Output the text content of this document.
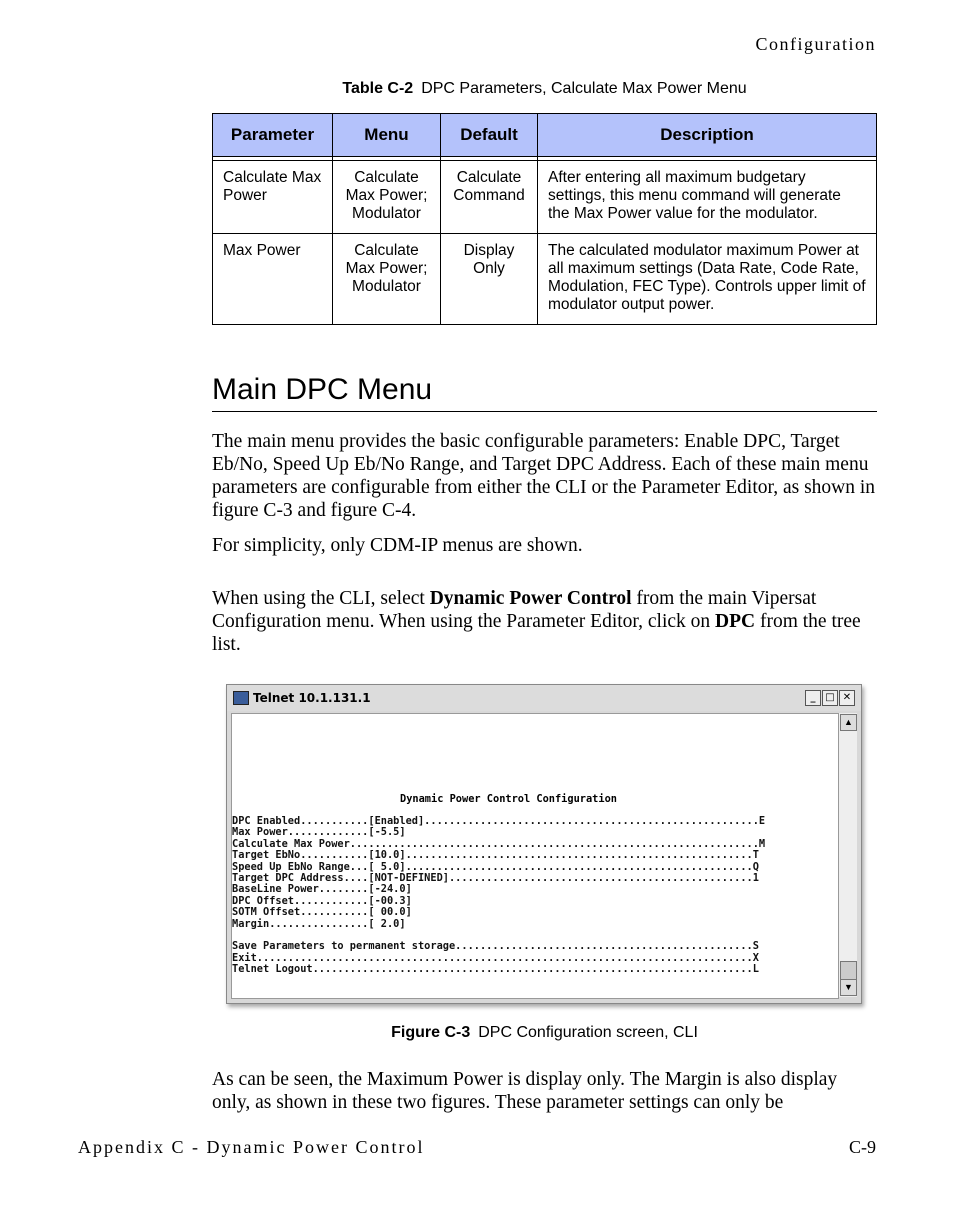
Configuration
Table C-2 DPC Parameters, Calculate Max Power Menu
Parameter	Menu	Default	Description

Calculate Max Power	Calculate Max Power; Modulator	Calculate Command	After entering all maximum budgetary settings, this menu command will generate the Max Power value for the modulator.
Max Power	Calculate Max Power; Modulator	Display Only	The calculated modulator maximum Power at all maximum settings (Data Rate, Code Rate, Modulation, FEC Type). Controls upper limit of modulator output power.
Main DPC Menu

The main menu provides the basic configurable parameters: Enable DPC, Target Eb/No, Speed Up Eb/No Range, and Target DPC Address. Each of these main menu parameters are configurable from either the CLI or the Parameter Editor, as shown in figure C-3 and figure C-4.

For simplicity, only CDM-IP menus are shown.

When using the CLI, select Dynamic Power Control from the main Vipersat Configuration menu. When using the Parameter Editor, click on DPC from the tree list.

Telnet 10.1.131.1	_ □ ✕
Dynamic Power Control Configuration
DPC Enabled...........[Enabled]......................................................E
Max Power.............[-5.5]
Calculate Max Power..................................................................M
Target EbNo...........[10.0]........................................................T
Speed Up EbNo Range...[ 5.0]........................................................Q
Target DPC Address....[NOT-DEFINED].................................................1
BaseLine Power........[-24.0]
DPC Offset............[-00.3]
SOTM Offset...........[ 00.0]
Margin................[ 2.0]

Save Parameters to permanent storage................................................S
Exit................................................................................X
Telnet Logout.......................................................................L
▲
▼
Figure C-3 DPC Configuration screen, CLI

As can be seen, the Maximum Power is display only. The Margin is also display only, as shown in these two figures. These parameter settings can only be

Appendix C - Dynamic Power Control	C-9
